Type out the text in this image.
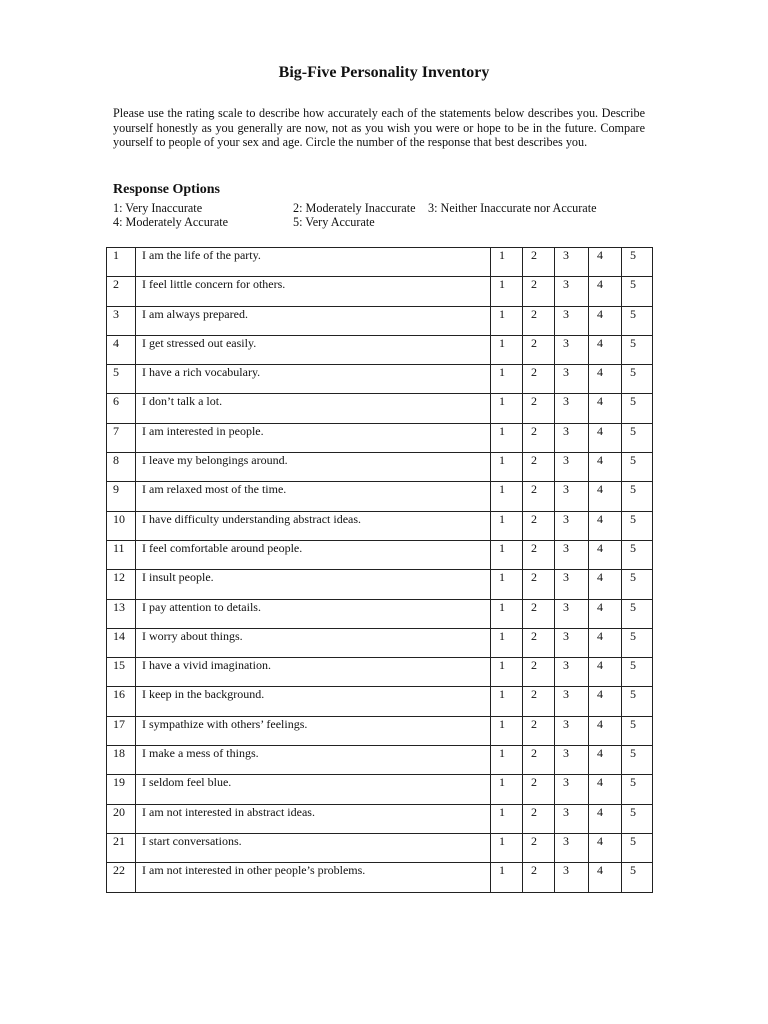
Big-Five Personality Inventory
Please use the rating scale to describe how accurately each of the statements below describes you. Describe yourself honestly as you generally are now, not as you wish you were or hope to be in the future. Compare yourself to people of your sex and age. Circle the number of the response that best describes you.
Response Options
1: Very Inaccurate	2: Moderately Inaccurate 3: Neither Inaccurate nor Accurate
4: Moderately Accurate	5: Very Accurate
1	I am the life of the party.	1	2	3	4	5
2	I feel little concern for others.	1	2	3	4	5
3	I am always prepared.	1	2	3	4	5
4	I get stressed out easily.	1	2	3	4	5
5	I have a rich vocabulary.	1	2	3	4	5
6	I don’t talk a lot.	1	2	3	4	5
7	I am interested in people.	1	2	3	4	5
8	I leave my belongings around.	1	2	3	4	5
9	I am relaxed most of the time.	1	2	3	4	5
10	I have difficulty understanding abstract ideas.	1	2	3	4	5
11	I feel comfortable around people.	1	2	3	4	5
12	I insult people.	1	2	3	4	5
13	I pay attention to details.	1	2	3	4	5
14	I worry about things.	1	2	3	4	5
15	I have a vivid imagination.	1	2	3	4	5
16	I keep in the background.	1	2	3	4	5
17	I sympathize with others’ feelings.	1	2	3	4	5
18	I make a mess of things.	1	2	3	4	5
19	I seldom feel blue.	1	2	3	4	5
20	I am not interested in abstract ideas.	1	2	3	4	5
21	I start conversations.	1	2	3	4	5
22	I am not interested in other people’s problems.	1	2	3	4	5
